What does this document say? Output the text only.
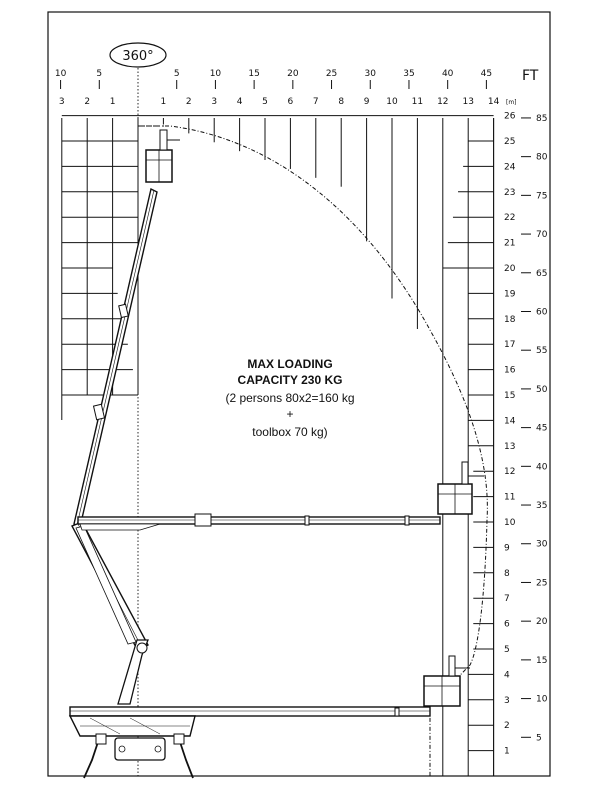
10	5	5	10	15	20	25	30	35	40	45
3 2 1	1 2 3 4 5 6 7 8 9 10 11 12 13 14
1
2
3
4
5
6
7
8
9
10
11
12
13
14
15
16
17
18
19
20
21
22
23
24
25
26
5
10
15
20
25
30
35
40
45
50
55
60
65
70
75
80
85
FT
[m]
360°
MAX LOADING
CAPACITY 230 KG
(2 persons 80x2=160 kg
+
toolbox 70 kg)
